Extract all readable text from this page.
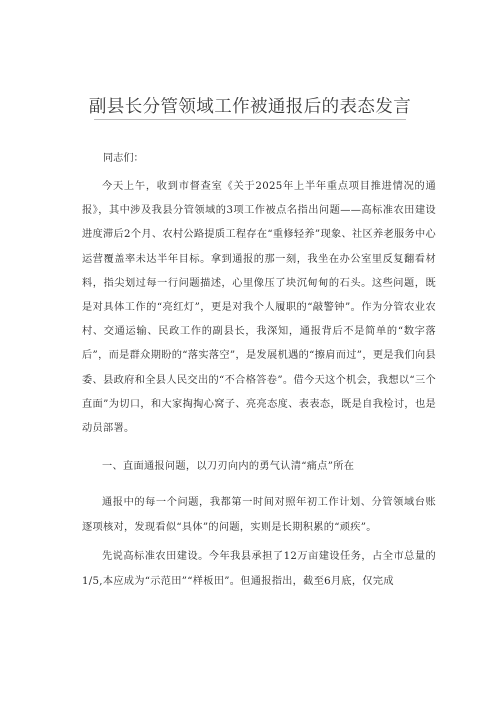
副县长分管领域工作被通报后的表态发言

同志们：

今天上午，收到市督查室《关于2025年上半年重点项目推进情况的通报》，其中涉及我县分管领域的3项工作被点名指出问题——高标准农田建设进度滞后2个月、农村公路提质工程存在“重修轻养”现象、社区养老服务中心运营覆盖率未达半年目标。拿到通报的那一刻，我坐在办公室里反复翻看材料，指尖划过每一行问题描述，心里像压了块沉甸甸的石头。这些问题，既是对具体工作的“亮红灯”，更是对我个人履职的“敲警钟”。作为分管农业农村、交通运输、民政工作的副县长，我深知，通报背后不是简单的“数字落后”，而是群众期盼的“落实落空”，是发展机遇的“擦肩而过”，更是我们向县委、县政府和全县人民交出的“不合格答卷”。借今天这个机会，我想以“三个直面”为切口，和大家掏掏心窝子、亮亮态度、表表态，既是自我检讨，也是动员部署。

一、直面通报问题，以刀刃向内的勇气认清“痛点”所在

通报中的每一个问题，我都第一时间对照年初工作计划、分管领域台账逐项核对，发现看似“具体”的问题，实则是长期积累的“顽疾”。

先说高标准农田建设。今年我县承担了12万亩建设任务，占全市总量的1/5,本应成为“示范田”“样板田”。但通报指出，截至6月底，仅完成
